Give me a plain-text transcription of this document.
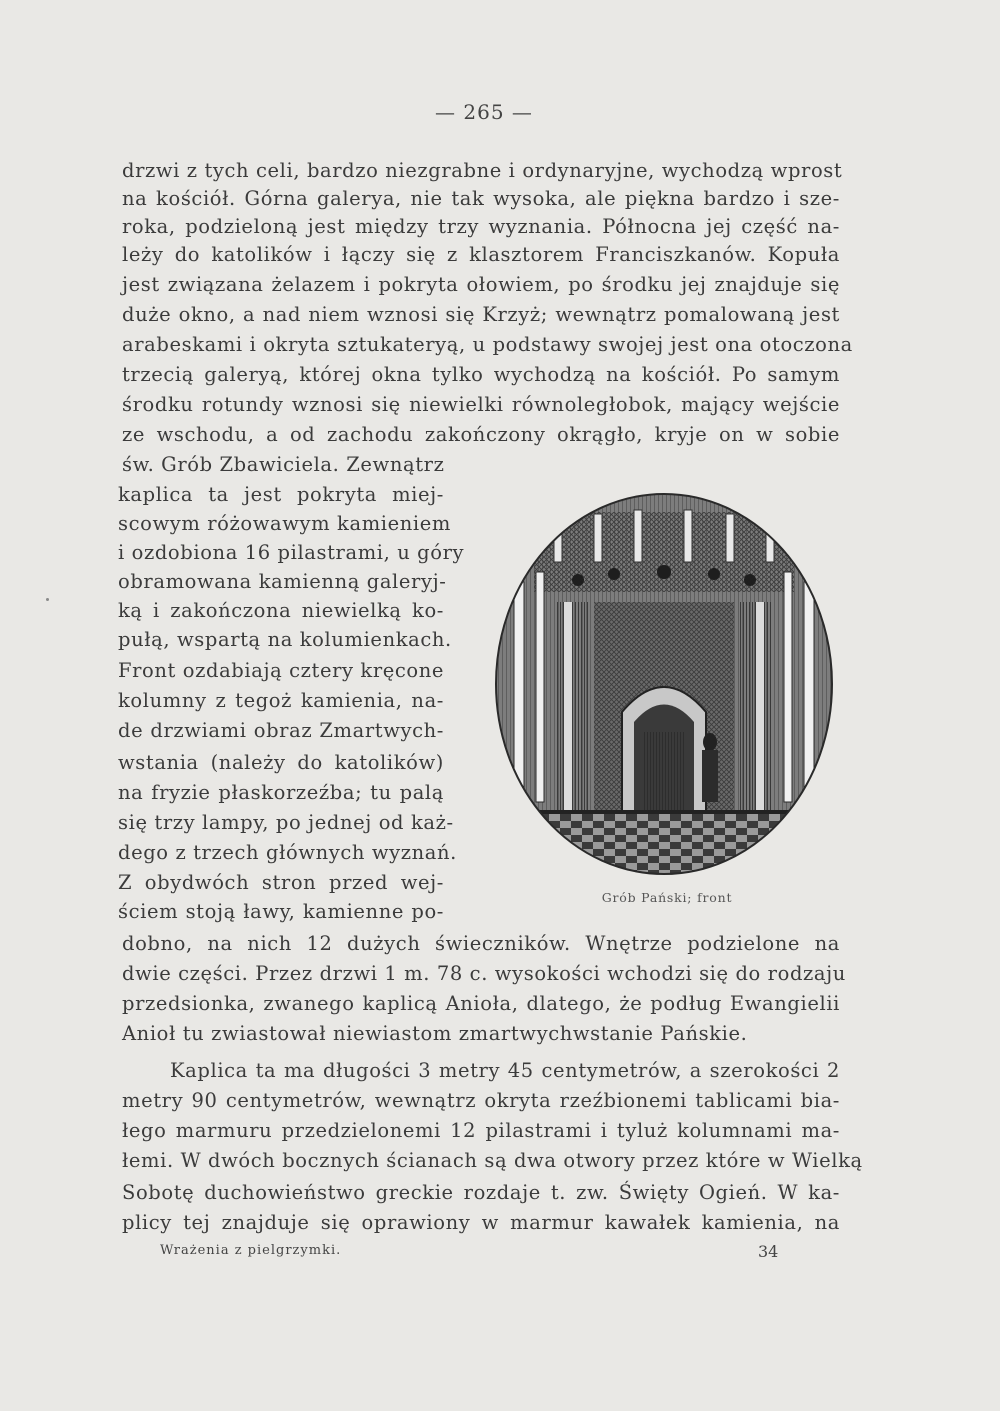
— 265 —
drzwi z tych celi, bardzo niezgrabne i ordynaryjne, wychodzą wprost
na kościół. Górna galerya, nie tak wysoka, ale piękna bardzo i sze-
roka, podzieloną jest między trzy wyznania. Północna jej część na-
leży do katolików i łączy się z klasztorem Franciszkanów. Kopuła
jest związana żelazem i pokryta ołowiem, po środku jej znajduje się
duże okno, a nad niem wznosi się Krzyż; wewnątrz pomalowaną jest
arabeskami i okryta sztukateryą, u podstawy swojej jest ona otoczona
trzecią galeryą, której okna tylko wychodzą na kościół. Po samym
środku rotundy wznosi się niewielki równoległobok, mający wejście
ze wschodu, a od zachodu zakończony okrągło, kryje on w sobie
św. Grób Zbawiciela. Zewnątrz
kaplica ta jest pokryta miej-
scowym różowawym kamieniem
i ozdobiona 16 pilastrami, u góry
obramowana kamienną galeryj-
ką i zakończona niewielką ko-
pułą, wspartą na kolumienkach.
Front ozdabiają cztery kręcone
kolumny z tegoż kamienia, na-
de drzwiami obraz Zmartwych-
wstania (należy do katolików)
na fryzie płaskorzeźba; tu palą
się trzy lampy, po jednej od każ-
dego z trzech głównych wyznań.
Z obydwóch stron przed wej-
ściem stoją ławy, kamienne po-
Grób Pański; front
dobno, na nich 12 dużych świeczników. Wnętrze podzielone na
dwie części. Przez drzwi 1 m. 78 c. wysokości wchodzi się do rodzaju
przedsionka, zwanego kaplicą Anioła, dlatego, że podług Ewangielii
Anioł tu zwiastował niewiastom zmartwychwstanie Pańskie.
Kaplica ta ma długości 3 metry 45 centymetrów, a szerokości 2
metry 90 centymetrów, wewnątrz okryta rzeźbionemi tablicami bia-
łego marmuru przedzielonemi 12 pilastrami i tyluż kolumnami ma-
łemi. W dwóch bocznych ścianach są dwa otwory przez które w Wielką
Sobotę duchowieństwo greckie rozdaje t. zw. Święty Ogień. W ka-
plicy tej znajduje się oprawiony w marmur kawałek kamienia, na
Wrażenia z pielgrzymki.	34
